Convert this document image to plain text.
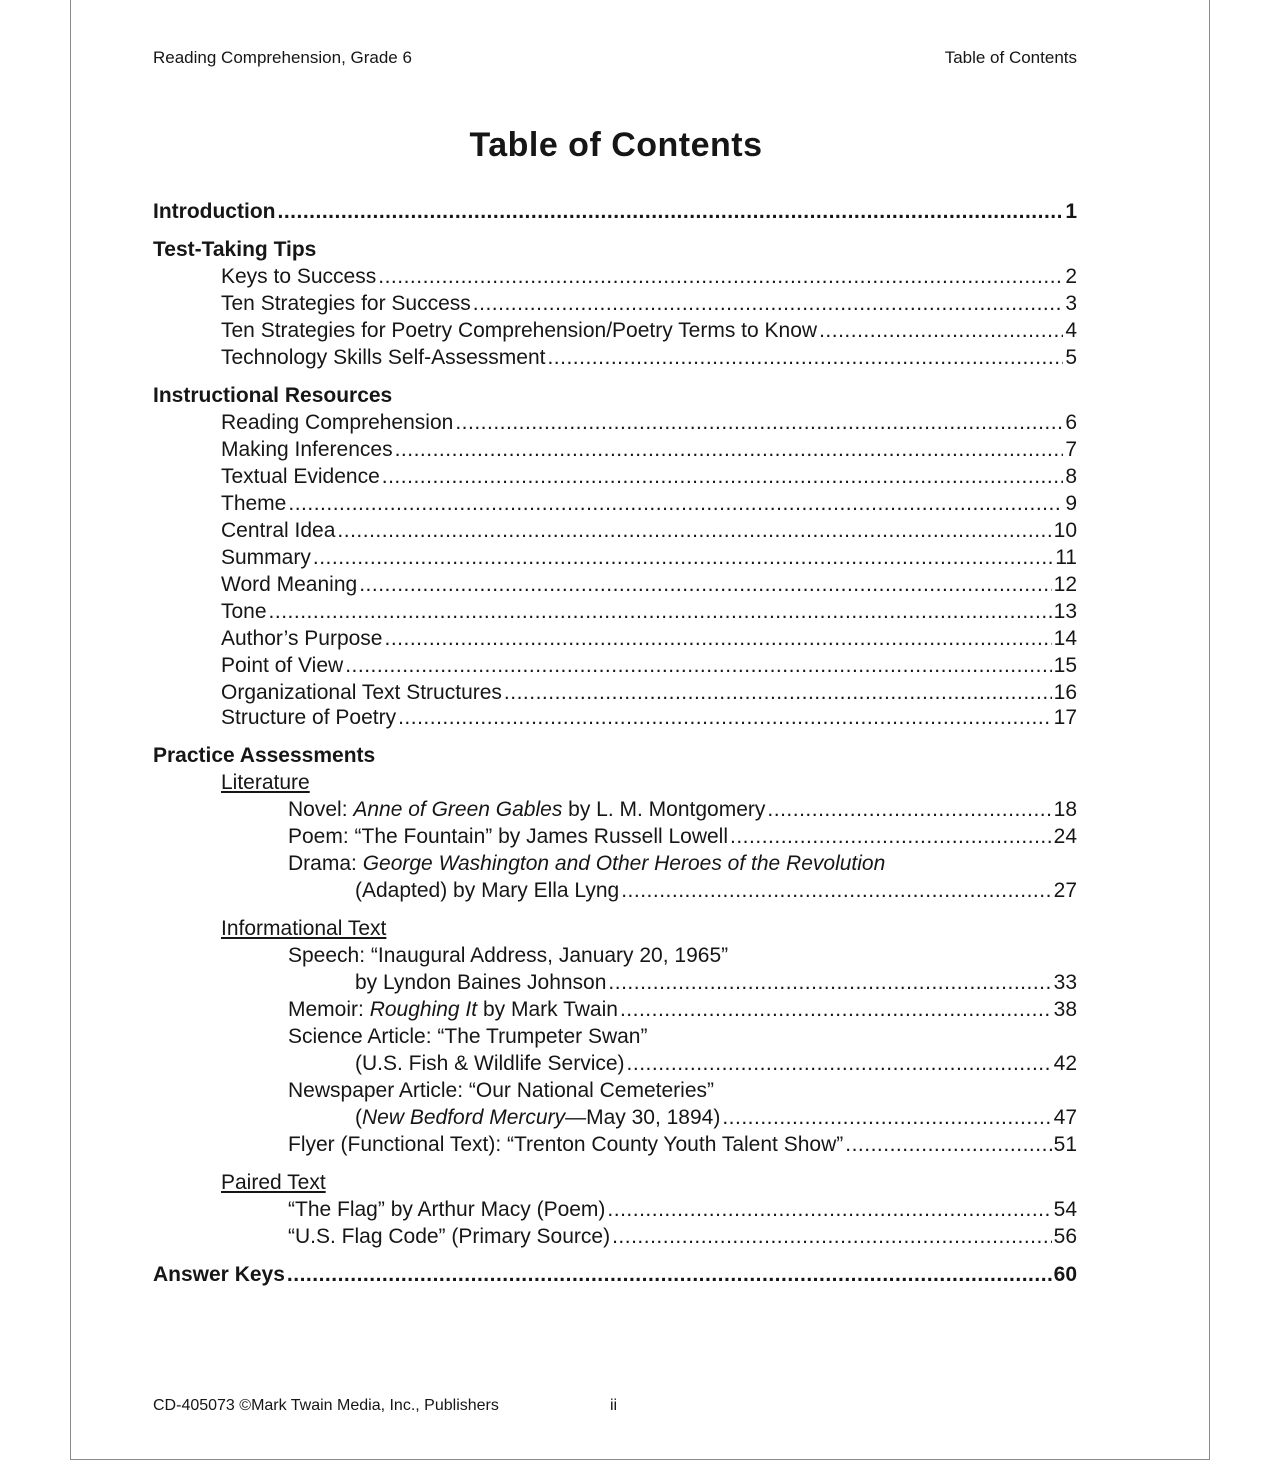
Reading Comprehension, Grade 6	Table of Contents
Table of Contents
Introduction .....	1
Test-Taking Tips
Keys to Success .....	2
Ten Strategies for Success .....	3
Ten Strategies for Poetry Comprehension/Poetry Terms to Know .....	4
Technology Skills Self-Assessment .....	5
Instructional Resources
Reading Comprehension .....	6
Making Inferences .....	7
Textual Evidence .....	8
Theme .....	9
Central Idea .....	10
Summary .....	11
Word Meaning .....	12
Tone .....	13
Author’s Purpose .....	14
Point of View .....	15
Organizational Text Structures .....	16
Structure of Poetry .....	17
Practice Assessments
Literature
Novel: Anne of Green Gables by L. M. Montgomery .....	18
Poem: “The Fountain” by James Russell Lowell .....	24
Drama: George Washington and Other Heroes of the Revolution
(Adapted) by Mary Ella Lyng .....	27
Informational Text
Speech: “Inaugural Address, January 20, 1965”
by Lyndon Baines Johnson .....	33
Memoir: Roughing It by Mark Twain .....	38
Science Article: “The Trumpeter Swan”
(U.S. Fish & Wildlife Service) .....	42
Newspaper Article: “Our National Cemeteries”
(New Bedford Mercury—May 30, 1894) .....	47
Flyer (Functional Text): “Trenton County Youth Talent Show” .....	51
Paired Text
“The Flag” by Arthur Macy (Poem) .....	54
“U.S. Flag Code” (Primary Source) .....	56
Answer Keys .....	60
CD-405073 ©Mark Twain Media, Inc., Publishers	ii
